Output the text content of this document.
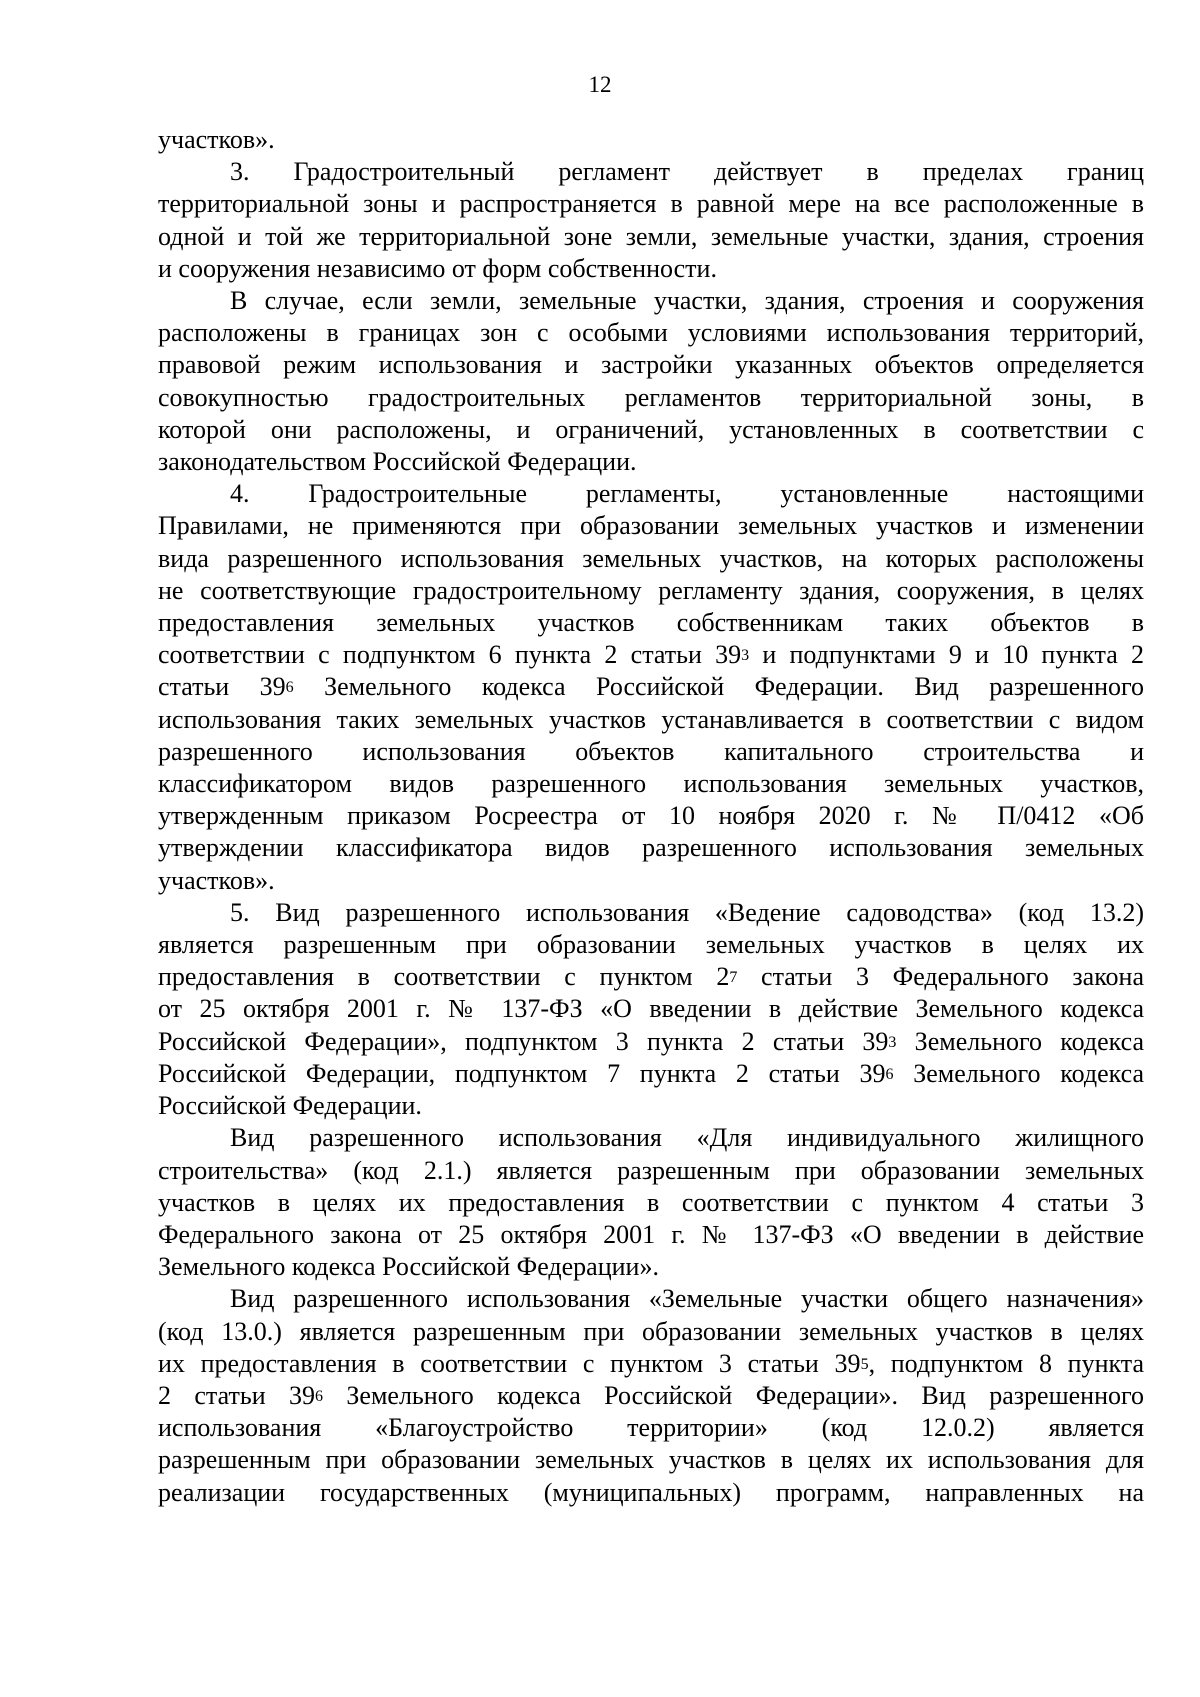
12
участков».
3. Градостроительный регламент действует в пределах границ
территориальной зоны и распространяется в равной мере на все расположенные в
одной и той же территориальной зоне земли, земельные участки, здания, строения
и сооружения независимо от форм собственности.
В случае, если земли, земельные участки, здания, строения и сооружения
расположены в границах зон с особыми условиями использования территорий,
правовой режим использования и застройки указанных объектов определяется
совокупностью градостроительных регламентов территориальной зоны, в
которой они расположены, и ограничений, установленных в соответствии с
законодательством Российской Федерации.
4. Градостроительные регламенты, установленные настоящими
Правилами, не применяются при образовании земельных участков и изменении
вида разрешенного использования земельных участков, на которых расположены
не соответствующие градостроительному регламенту здания, сооружения, в целях
предоставления земельных участков собственникам таких объектов в
соответствии с подпунктом 6 пункта 2 статьи $39^3$ и подпунктами 9 и 10 пункта 2
статьи $39^6$ Земельного кодекса Российской Федерации. Вид разрешенного
использования таких земельных участков устанавливается в соответствии с видом
разрешенного использования объектов капитального строительства и
классификатором видов разрешенного использования земельных участков,
утвержденным приказом Росреестра от 10 ноября 2020 г. № П/0412 «Об
утверждении классификатора видов разрешенного использования земельных
участков».
5. Вид разрешенного использования «Ведение садоводства» (код 13.2)
является разрешенным при образовании земельных участков в целях их
предоставления в соответствии с пунктом $2^7$ статьи 3 Федерального закона
от 25 октября 2001 г. № 137-ФЗ «О введении в действие Земельного кодекса
Российской Федерации», подпунктом 3 пункта 2 статьи $39^3$ Земельного кодекса
Российской Федерации, подпунктом 7 пункта 2 статьи $39^6$ Земельного кодекса
Российской Федерации.
Вид разрешенного использования «Для индивидуального жилищного
строительства» (код 2.1.) является разрешенным при образовании земельных
участков в целях их предоставления в соответствии с пунктом 4 статьи 3
Федерального закона от 25 октября 2001 г. № 137-ФЗ «О введении в действие
Земельного кодекса Российской Федерации».
Вид разрешенного использования «Земельные участки общего назначения»
(код 13.0.) является разрешенным при образовании земельных участков в целях
их предоставления в соответствии с пунктом 3 статьи $39^5$, подпунктом 8 пункта
2 статьи $39^6$ Земельного кодекса Российской Федерации». Вид разрешенного
использования «Благоустройство территории» (код 12.0.2) является
разрешенным при образовании земельных участков в целях их использования для
реализации государственных (муниципальных) программ, направленных на
